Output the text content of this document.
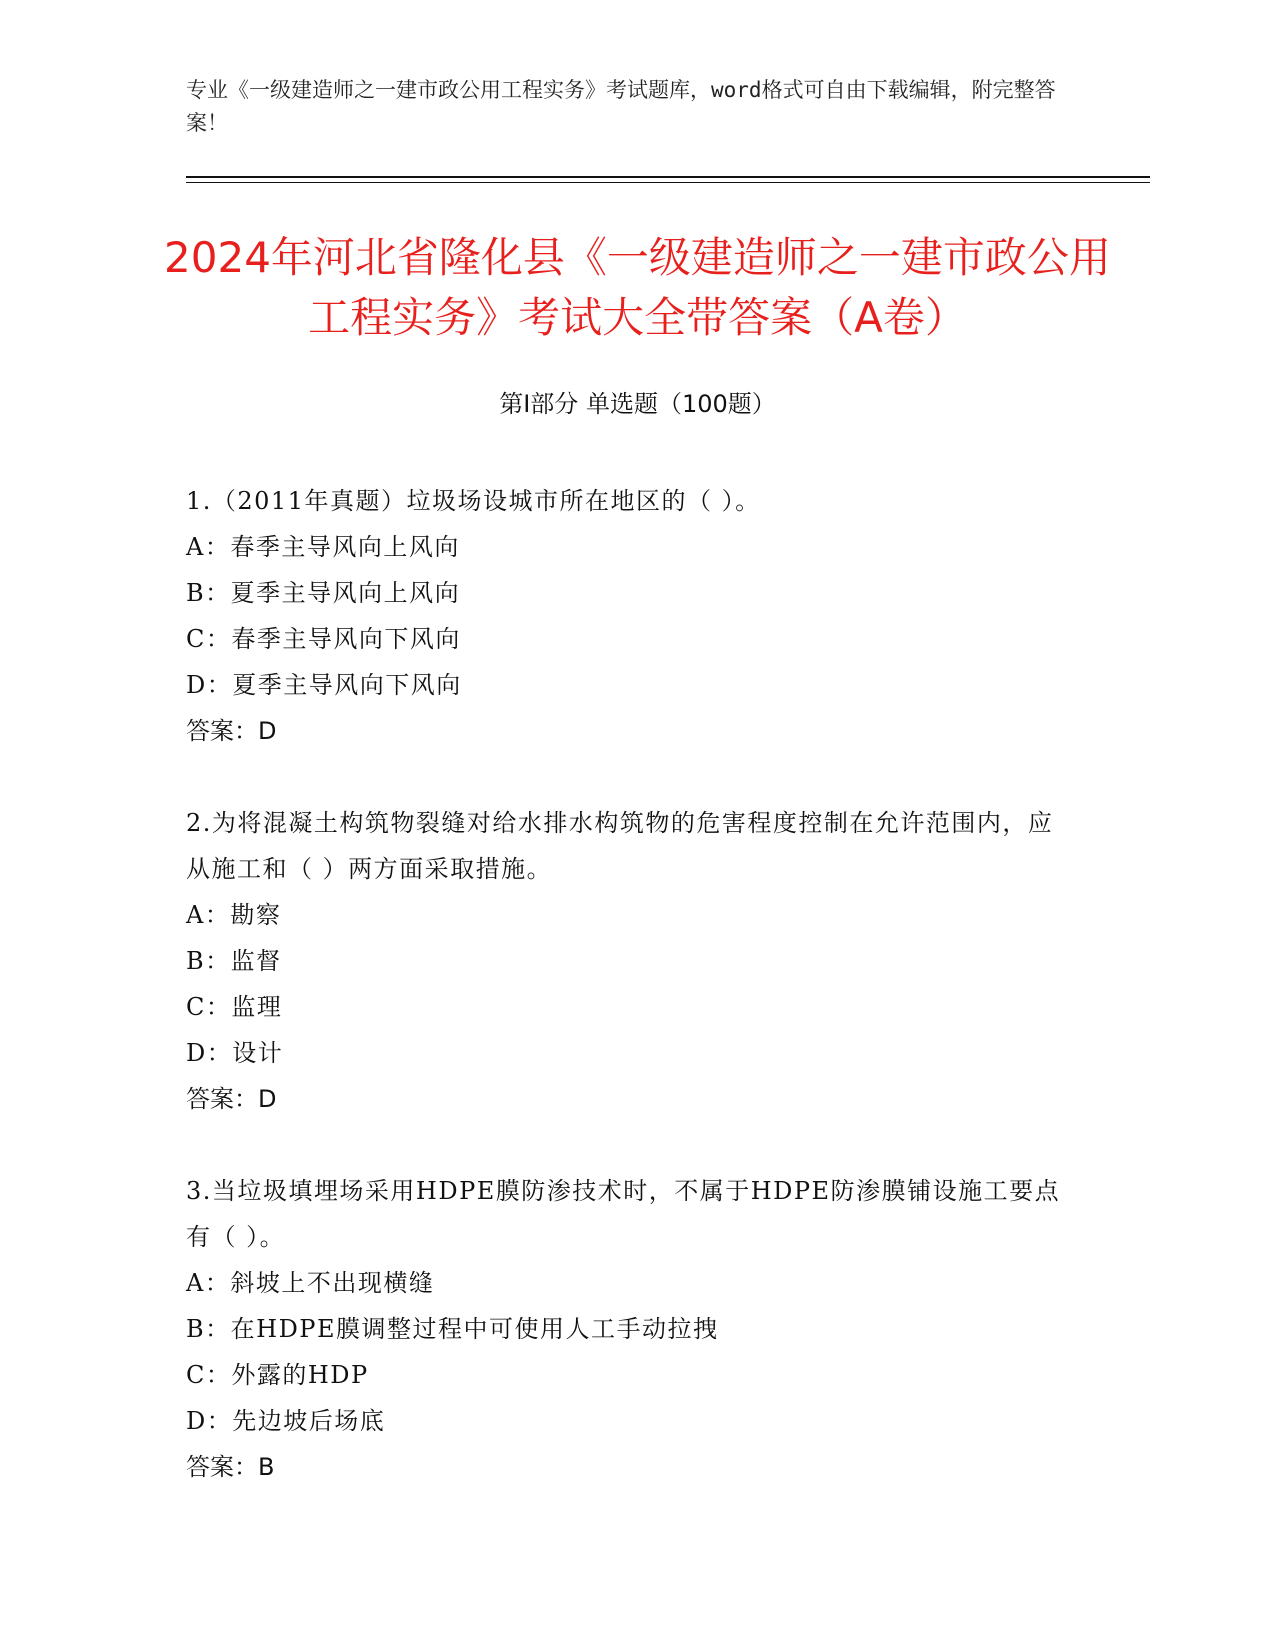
专业《一级建造师之一建市政公用工程实务》考试题库，word格式可自由下载编辑，附完整答案！
2024年河北省隆化县《一级建造师之一建市政公用工程实务》考试大全带答案（A卷）
第Ⅰ部分 单选题（100题）

1.（2011年真题）垃圾场设城市所在地区的（ ）。

A：春季主导风向上风向

B：夏季主导风向上风向

C：春季主导风向下风向

D：夏季主导风向下风向

答案：D

2.为将混凝土构筑物裂缝对给水排水构筑物的危害程度控制在允许范围内，应从施工和（ ）两方面采取措施。

A：勘察

B：监督

C：监理

D：设计

答案：D

3.当垃圾填埋场采用HDPE膜防渗技术时，不属于HDPE防渗膜铺设施工要点有（ ）。

A：斜坡上不出现横缝

B：在HDPE膜调整过程中可使用人工手动拉拽

C：外露的HDP

D：先边坡后场底

答案：B
